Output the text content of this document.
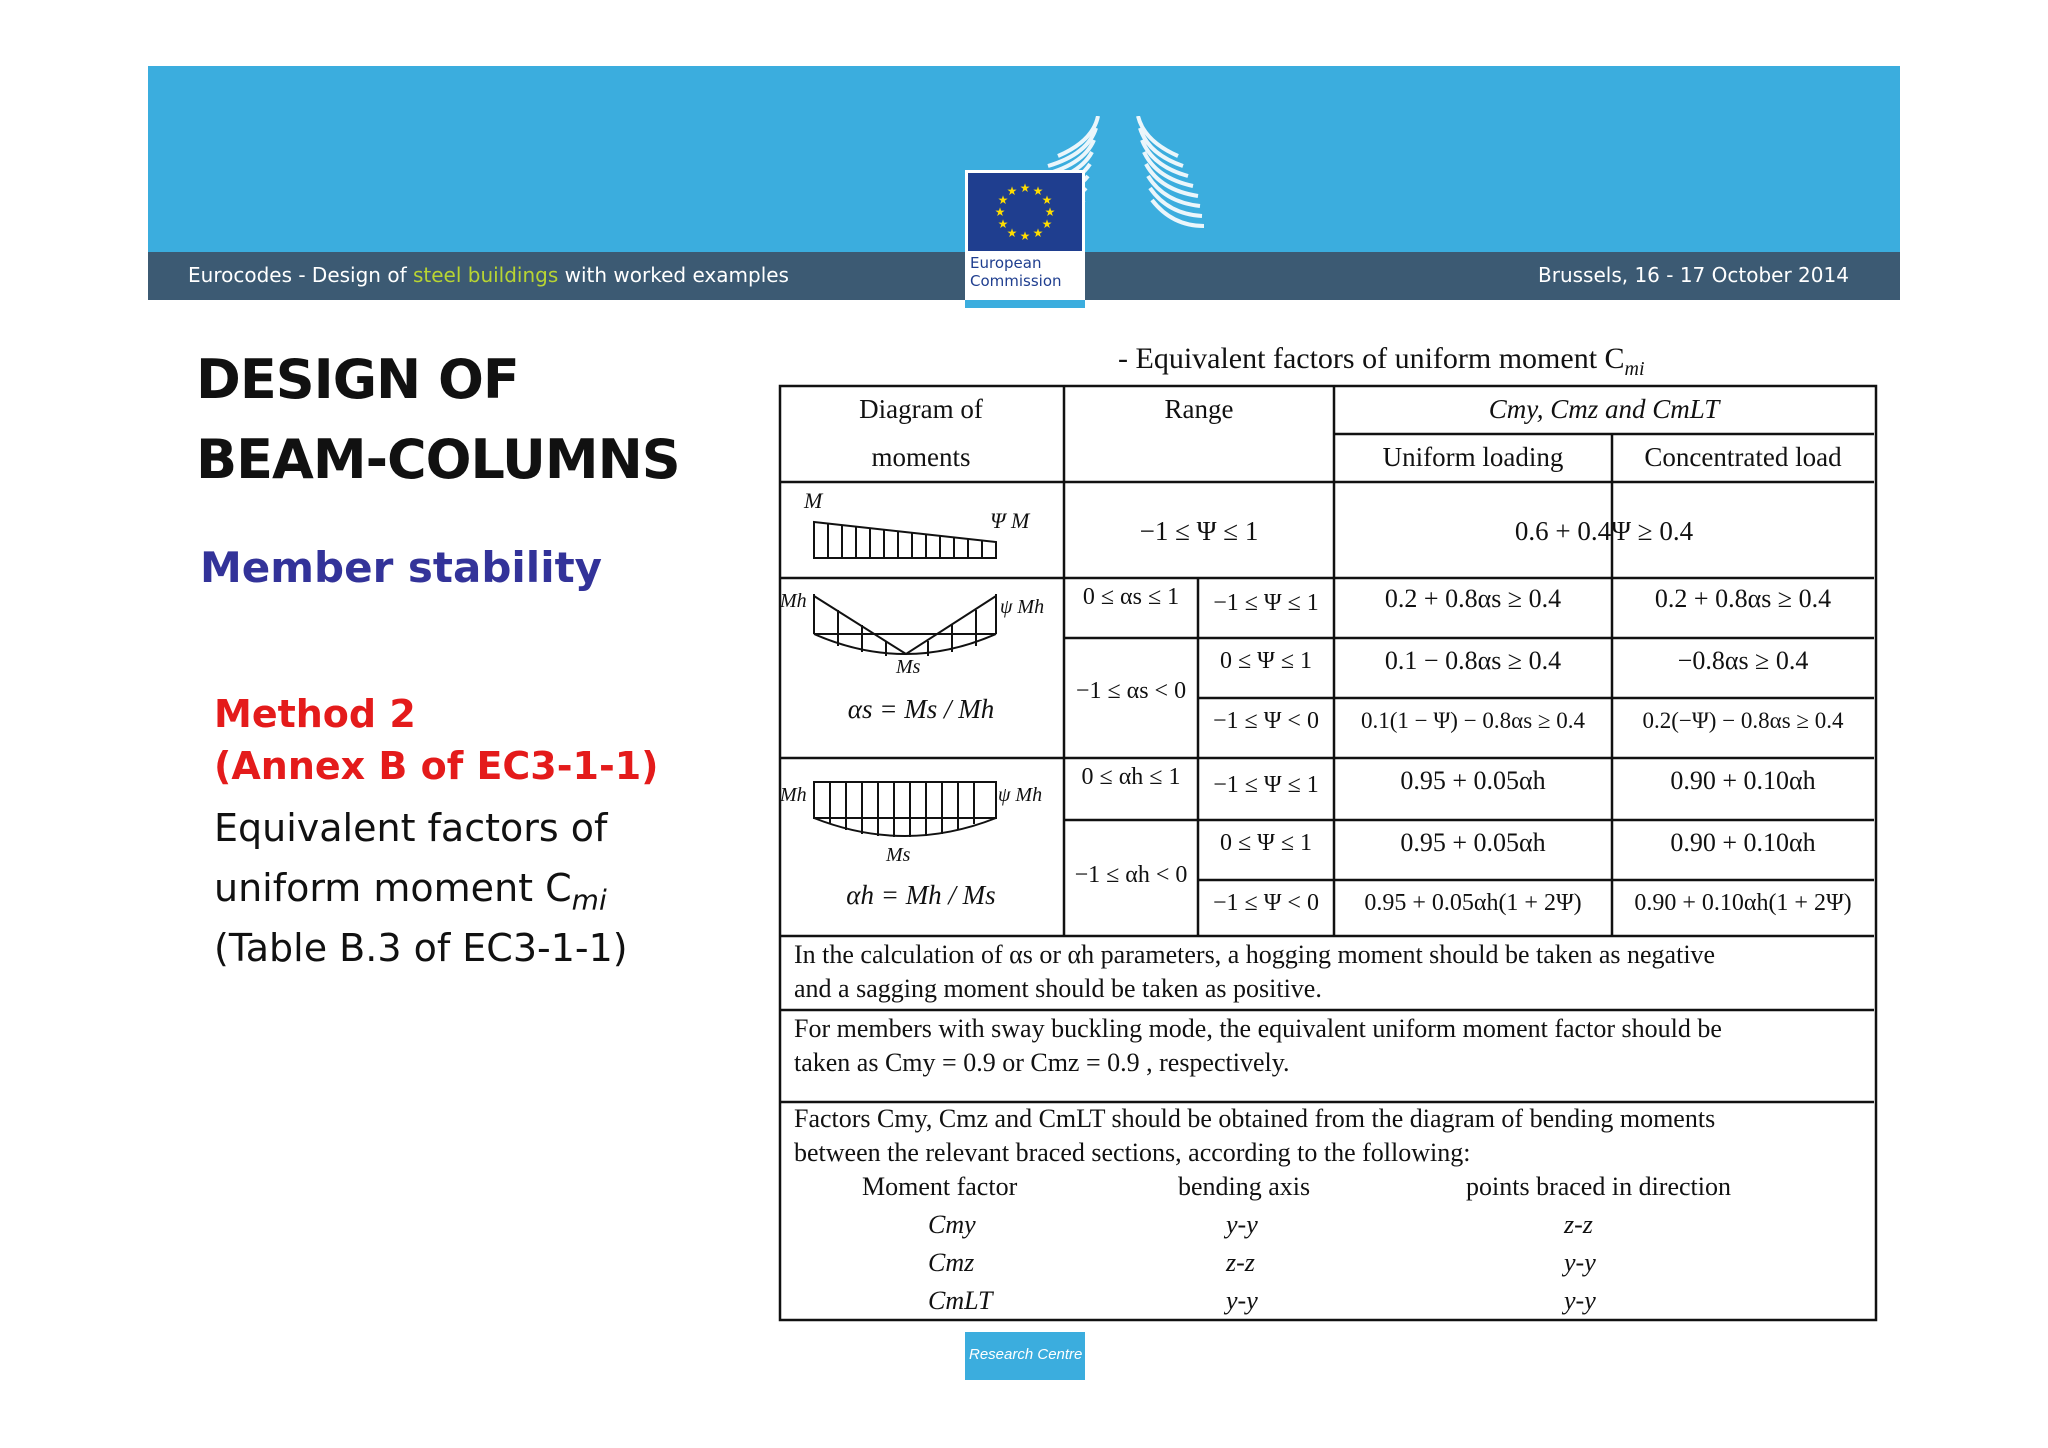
Eurocodes - Design of steel buildings with worked examples	Brussels, 16 - 17 October 2014
★ ★
★
★
★
★
★
★
★
★
★
★
European
Commission
DESIGN OF
BEAM-COLUMNS
Member stability
Method 2
(Annex B of EC3-1-1)
Equivalent factors of
uniform moment $C_{mi}$
(Table B.3 of EC3-1-1)
- Equivalent factors of uniform moment $C_{mi}$
Diagram of
moments
Range	Cmy, Cmz and CmLT
Uniform loading	Concentrated load
M
Ψ M	−1 ≤ Ψ ≤ 1	0.6 + 0.4Ψ ≥ 0.4
Mh	ψ Mh
Ms
αs = Ms / Mh
0 ≤ αs ≤ 1	−1 ≤ Ψ ≤ 1	0.2 + 0.8αs ≥ 0.4	0.2 + 0.8αs ≥ 0.4
−1 ≤ αs < 0
0 ≤ Ψ ≤ 1	0.1 − 0.8αs ≥ 0.4	−0.8αs ≥ 0.4
−1 ≤ Ψ < 0	0.1(1 − Ψ) − 0.8αs ≥ 0.4	0.2(−Ψ) − 0.8αs ≥ 0.4
Mh	ψ Mh
Ms
αh = Mh / Ms
0 ≤ αh ≤ 1	−1 ≤ Ψ ≤ 1	0.95 + 0.05αh	0.90 + 0.10αh
−1 ≤ αh < 0
0 ≤ Ψ ≤ 1	0.95 + 0.05αh	0.90 + 0.10αh
−1 ≤ Ψ < 0	0.95 + 0.05αh(1 + 2Ψ)	0.90 + 0.10αh(1 + 2Ψ)
In the calculation of αs or αh parameters, a hogging moment should be taken as negative
and a sagging moment should be taken as positive.
For members with sway buckling mode, the equivalent uniform moment factor should be
taken as Cmy = 0.9 or Cmz = 0.9 , respectively.
Factors Cmy, Cmz and CmLT should be obtained from the diagram of bending moments
between the relevant braced sections, according to the following:
Moment factor	bending axis	points braced in direction
Cmy	y-y	z-z
Cmz	z-z	y-y
CmLT	y-y	y-y
Research Centre
